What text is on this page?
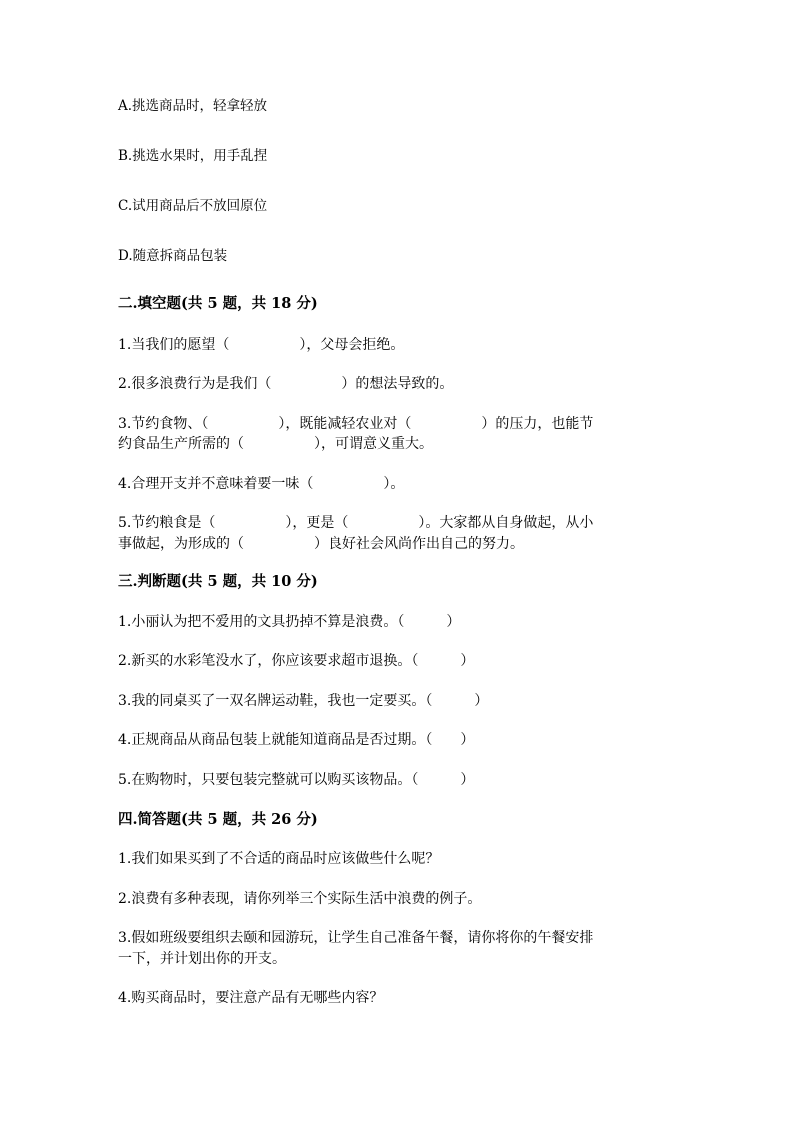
A.挑选商品时，轻拿轻放

B.挑选水果时，用手乱捏

C.试用商品后不放回原位

D.随意拆商品包装

二.填空题(共 5 题，共 18 分)

1.当我们的愿望（　　　　　），父母会拒绝。

2.很多浪费行为是我们（　　　　　）的想法导致的。

3.节约食物、（　　　　　），既能减轻农业对（　　　　　）的压力，也能节

约食品生产所需的（　　　　　），可谓意义重大。

4.合理开支并不意味着要一味（　　　　　）。

5.节约粮食是（　　　　　），更是（　　　　　）。大家都从自身做起，从小

事做起，为形成的（　　　　　）良好社会风尚作出自己的努力。

三.判断题(共 5 题，共 10 分)

1.小丽认为把不爱用的文具扔掉不算是浪费。（　　　）

2.新买的水彩笔没水了，你应该要求超市退换。（　　　）

3.我的同桌买了一双名牌运动鞋，我也一定要买。（　　　）

4.正规商品从商品包装上就能知道商品是否过期。（　　）

5.在购物时，只要包装完整就可以购买该物品。（　　　）

四.简答题(共 5 题，共 26 分)

1.我们如果买到了不合适的商品时应该做些什么呢？

2.浪费有多种表现，请你列举三个实际生活中浪费的例子。

3.假如班级要组织去颐和园游玩，让学生自己准备午餐，请你将你的午餐安排

一下，并计划出你的开支。

4.购买商品时，要注意产品有无哪些内容？
